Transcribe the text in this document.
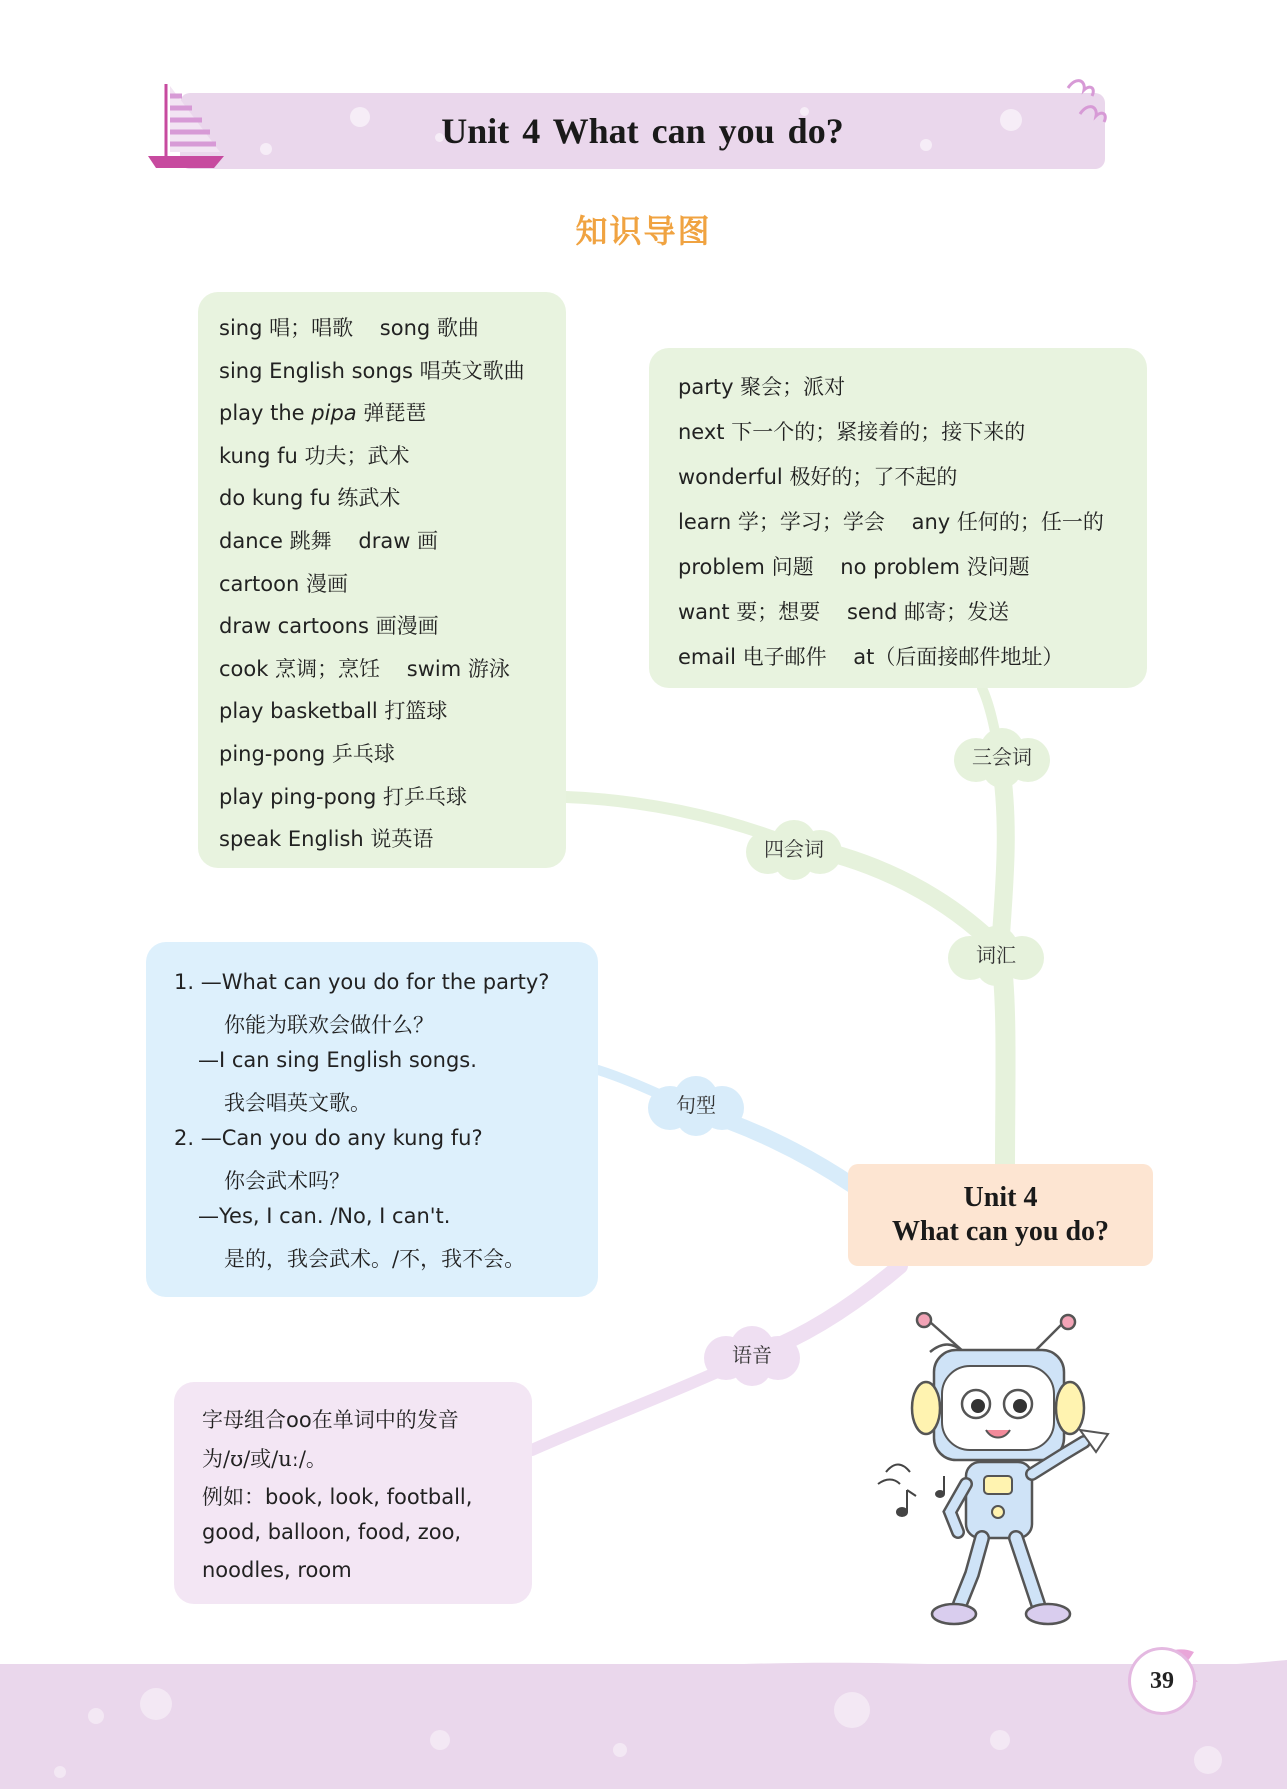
Unit 4 What can you do?
知识导图
sing 唱；唱歌    song 歌曲
sing English songs 唱英文歌曲
play the pipa 弹琵琶
kung fu 功夫；武术
do kung fu 练武术
dance 跳舞    draw 画
cartoon 漫画
draw cartoons 画漫画
cook 烹调；烹饪    swim 游泳
play basketball 打篮球
ping-pong 乒乓球
play ping-pong 打乒乓球
speak English 说英语
party 聚会；派对
next 下一个的；紧接着的；接下来的
wonderful 极好的；了不起的
learn 学；学习；学会    any 任何的；任一的
problem 问题    no problem 没问题
want 要；想要    send 邮寄；发送
email 电子邮件    at（后面接邮件地址）
1. —What can you do for the party?
你能为联欢会做什么？
—I can sing English songs.
我会唱英文歌。
2. —Can you do any kung fu?
你会武术吗？
—Yes, I can. /No, I can't.
是的，我会武术。/不，我不会。
字母组合oo在单词中的发音
为/ʊ/或/uː/。
例如：book, look, football,
good, balloon, food, zoo,
noodles, room
Unit 4
What can you do?
词汇
四会词
三会词
句型
语音
39
